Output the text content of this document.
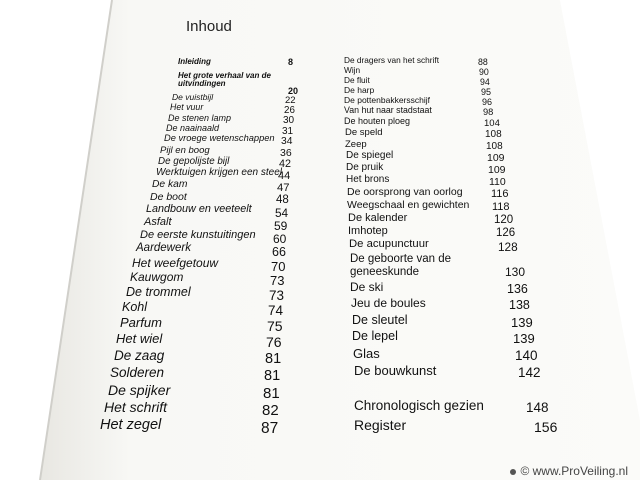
Inhoud
© www.ProVeiling.nl
Inleiding	8
Het grote verhaal van de uitvindingen
20
De vuistbijl	22
Het vuur	26
De stenen lamp	30
De naainaald	31
De vroege wetenschappen 34
Pijl en boog	36
De gepolijste bijl	42
Werktuigen krijgen een steel
44
De kam	47
De boot	48
Landbouw en veeteelt 54
Asfalt	59
De eerste kunstuitingen 60
Aardewerk	66
Het weefgetouw	70
Kauwgom	73
De trommel	73
Kohl	74
Parfum	75
Het wiel	76
De zaag	81
Solderen	81
De spijker	81
Het schrift	82
Het zegel	87
De dragers van het schrift	88
Wijn	90
De fluit	94
De harp	95
De pottenbakkersschijf	96
Van hut naar stadstaat	98
De houten ploeg	104
De speld	108
Zeep	108
De spiegel	109
De pruik	109
Het brons	110
De oorsprong van oorlog	116
Weegschaal en gewichten 118
De kalender	120
Imhotep	126
De acupunctuur	128
De geboorte van de geneeskunde	130
De ski	136
Jeu de boules	138
De sleutel	139
De lepel	139
Glas	140
De bouwkunst	142
Chronologisch gezien	148
Register	156
